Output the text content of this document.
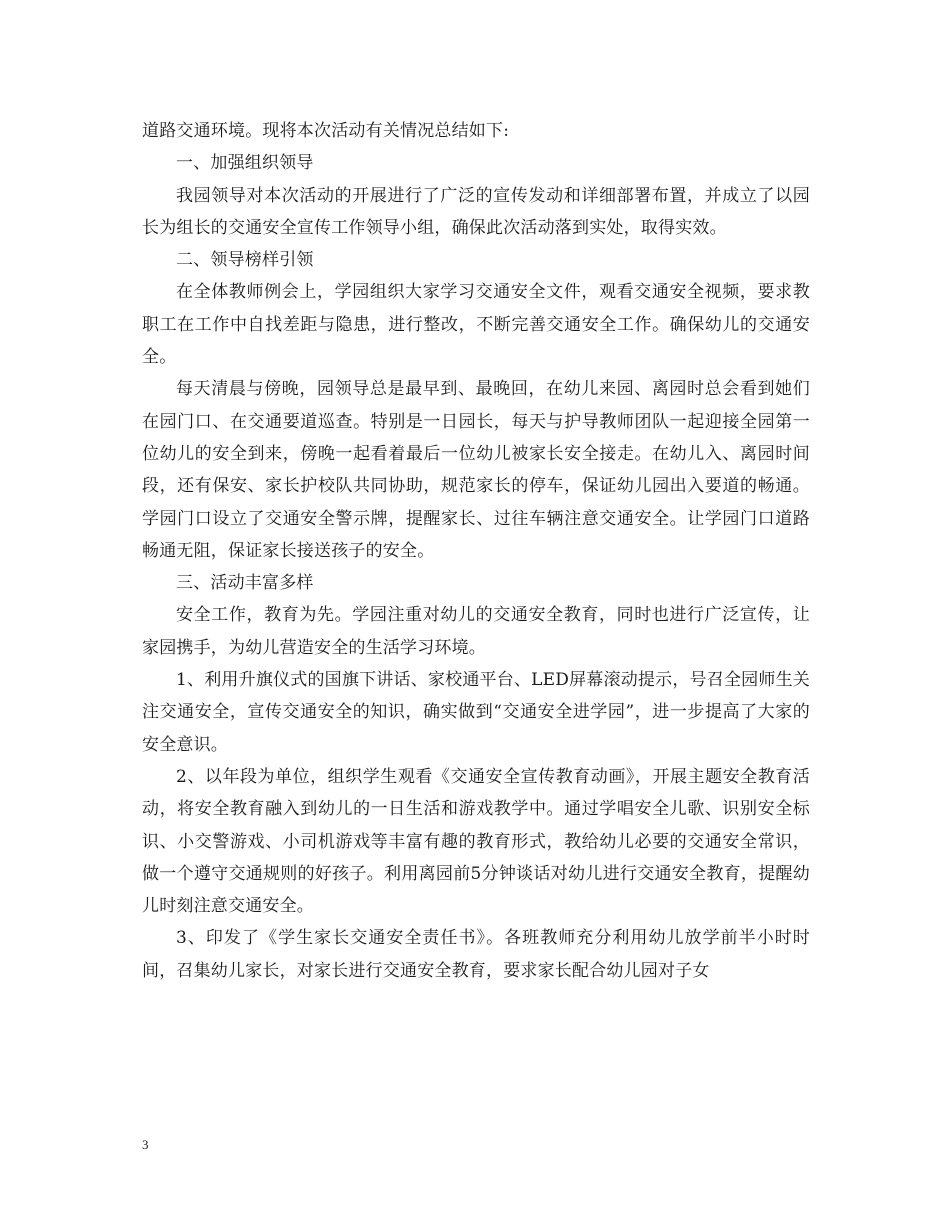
道路交通环境。现将本次活动有关情况总结如下:

一、加强组织领导

我园领导对本次活动的开展进行了广泛的宣传发动和详细部署布置，并成立了以园长为组长的交通安全宣传工作领导小组，确保此次活动落到实处，取得实效。

二、领导榜样引领

在全体教师例会上，学园组织大家学习交通安全文件，观看交通安全视频，要求教职工在工作中自找差距与隐患，进行整改，不断完善交通安全工作。确保幼儿的交通安全。

每天清晨与傍晚，园领导总是最早到、最晚回，在幼儿来园、离园时总会看到她们在园门口、在交通要道巡查。特别是一日园长，每天与护导教师团队一起迎接全园第一位幼儿的安全到来，傍晚一起看着最后一位幼儿被家长安全接走。在幼儿入、离园时间段，还有保安、家长护校队共同协助，规范家长的停车，保证幼儿园出入要道的畅通。学园门口设立了交通安全警示牌，提醒家长、过往车辆注意交通安全。让学园门口道路畅通无阻，保证家长接送孩子的安全。

三、活动丰富多样

安全工作，教育为先。学园注重对幼儿的交通安全教育，同时也进行广泛宣传，让家园携手，为幼儿营造安全的生活学习环境。

1、利用升旗仪式的国旗下讲话、家校通平台、LED屏幕滚动提示，号召全园师生关注交通安全，宣传交通安全的知识，确实做到“交通安全进学园”，进一步提高了大家的安全意识。

2、以年段为单位，组织学生观看《交通安全宣传教育动画》，开展主题安全教育活动，将安全教育融入到幼儿的一日生活和游戏教学中。通过学唱安全儿歌、识别安全标识、小交警游戏、小司机游戏等丰富有趣的教育形式，教给幼儿必要的交通安全常识，做一个遵守交通规则的好孩子。利用离园前5分钟谈话对幼儿进行交通安全教育，提醒幼儿时刻注意交通安全。

3、印发了《学生家长交通安全责任书》。各班教师充分利用幼儿放学前半小时时间，召集幼儿家长，对家长进行交通安全教育，要求家长配合幼儿园对子女

3
